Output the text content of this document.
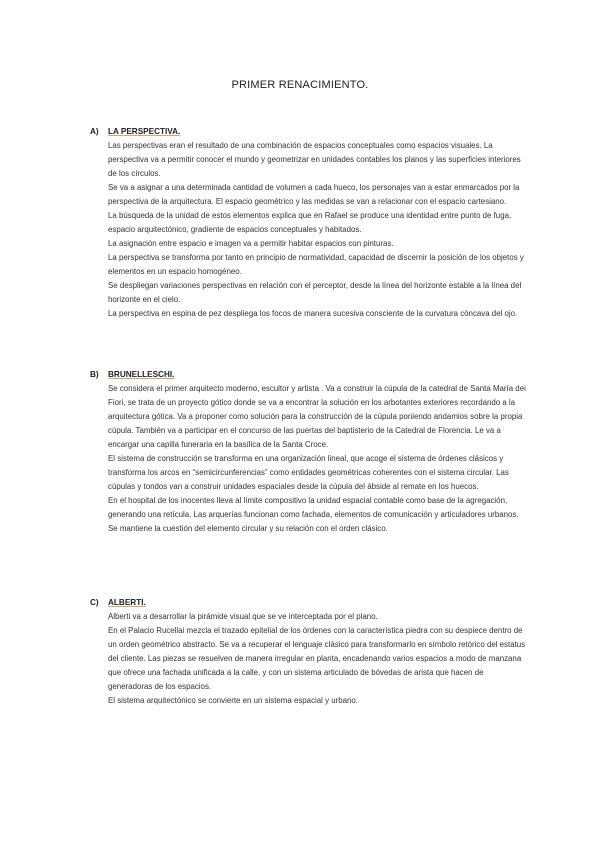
PRIMER RENACIMIENTO.
A) LA PERSPECTIVA.

Las perspectivas eran el resultado de una combinación de espacios conceptuales como espacios visuales. La perspectiva va a permitir conocer el mundo y geometrizar en unidades contables los planos y las superficies interiores de los círculos.

Se va a asignar a una determinada cantidad de volumen a cada hueco, los personajes van a estar enmarcados por la perspectiva de la arquitectura. El espacio geométrico y las medidas se van a relacionar con el espacio cartesiano.

La búsqueda de la unidad de estos elementos explica que en Rafael se produce una identidad entre punto de fuga, espacio arquitectónico, gradiente de espacios conceptuales y habitados.

La asignación entre espacio e imagen va a permitir habitar espacios con pinturas.

La perspectiva se transforma por tanto en principio de normatividad, capacidad de discernir la posición de los objetos y elementos en un espacio homogéneo.

Se despliegan variaciones perspectivas en relación con el perceptor, desde la línea del horizonte estable a la línea del horizonte en el cielo.

La perspectiva en espina de pez despliega los focos de manera sucesiva consciente de la curvatura cóncava del ojo.

B) BRUNELLESCHI.

Se considera el primer arquitecto moderno, escultor y artista . Va a construir la cúpula de la catedral de Santa María dei Fiori, se trata de un proyecto gótico donde se va a encontrar la solución en los arbotantes exteriores recordando a la arquitectura gótica. Va a proponer como solución para la construcción de la cúpula poniendo andamios sobre la propia cúpula. También va a participar en el concurso de las puertas del baptisterio de la Catedral de Florencia. Le va a encargar una capilla funeraria en la basílica de la Santa Croce.

El sistema de construcción se transforma en una organización lineal, que acoge el sistema de órdenes clásicos y transforma los arcos en “semicircunferencias” como entidades geométricas coherentes con el sistema circular. Las cúpulas y tondos van a construir unidades espaciales desde la cúpula del ábside al remate en los huecos.

En el hospital de los inocentes lleva al límite compositivo la unidad espacial contable como base de la agregación, generando una retícula. Las arquerías funcionan como fachada, elementos de comunicación y articuladores urbanos. Se mantiene la cuestión del elemento circular y su relación con el orden clásico.

C) ALBERTI.

Alberti va a desarrollar la pirámide visual que se ve interceptada por el plano.

En el Palacio Rucellai mezcla el trazado epitelial de los órdenes con la característica piedra con su despiece dentro de un orden geométrico abstracto. Se va a recuperar el lenguaje clásico para transformarlo en símbolo retórico del estatus del cliente. Las piezas se resuelven de manera irregular en planta, encadenando varios espacios a modo de manzana que ofrece una fachada unificada a la calle, y con un sistema articulado de bóvedas de arista que hacen de generadoras de los espacios.

El sistema arquitectónico se convierte en un sistema espacial y urbano.
